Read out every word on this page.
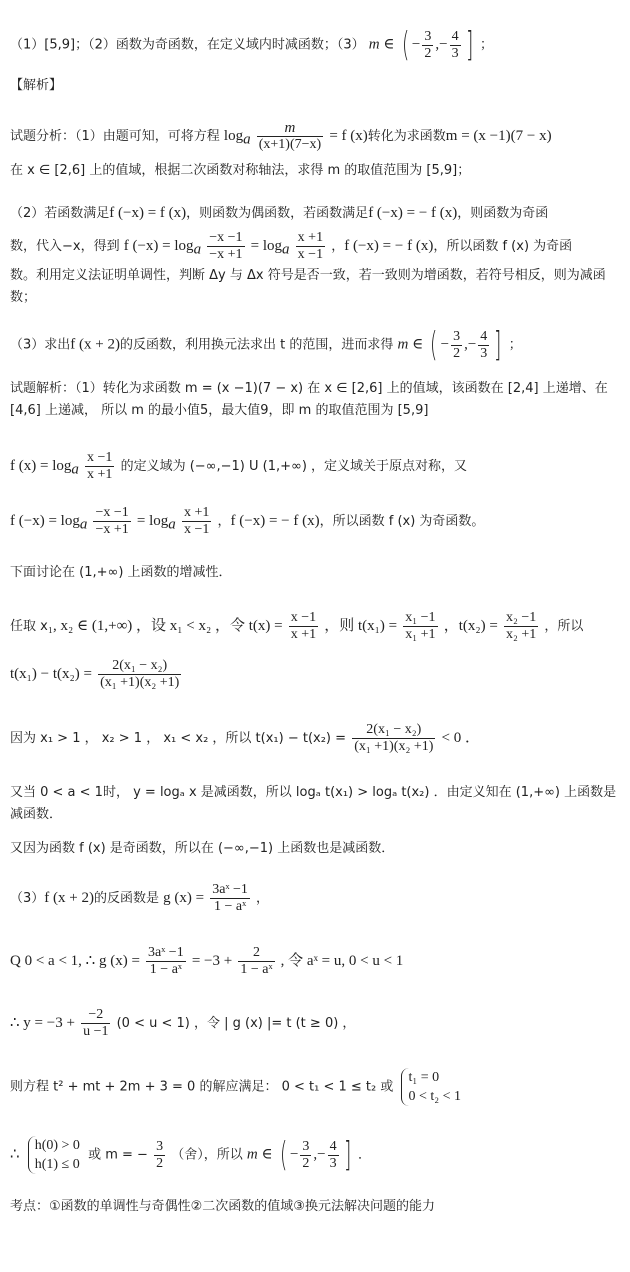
（1）[5,9]；（2）函数为奇函数，在定义域内时减函数；（3） m ∈ ( − $\frac{3}{2}$ ,− $\frac{4}{3}$ ] ；
【解析】
试题分析：（1）由题可知，可将方程 $\log_a \frac{m}{(x+1)(7-x)} = f$ (x)转化为求函数m = (x −1)(7 − x)
在 x ∈ [2,6] 上的值域，根据二次函数对称轴法，求得 m 的取值范围为 [5,9]；
（2）若函数满足f (−x) = f (x)，则函数为偶函数，若函数满足f (−x) = − f (x)，则函数为奇函
数，代入−x，得到 f $(-x) = \log_a \frac{-x -1}{-x +1} = \log_a \frac{x +1}{x -1}$ ，f (−x) = − f (x)，所以函数 f (x) 为奇函
数。利用定义法证明单调性，判断 Δy 与 Δx 符号是否一致，若一致则为增函数，若符号相反，则为减函数；
（3）求出f (x + 2)的反函数，利用换元法求出 t 的范围，进而求得 m ∈ ( − $\frac{3}{2}$ ,− $\frac{4}{3}$ ] ；
试题解析：（1）转化为求函数 m = (x −1)(7 − x) 在 x ∈ [2,6] 上的值域，该函数在 [2,4] 上递增、在 [4,6] 上递减， 所以 m 的最小值5，最大值9，即 m 的取值范围为 [5,9]
f $(x) = \log_a \frac{x -1}{x +1}$ 的定义域为 (−∞,−1) U (1,+∞) ，定义域关于原点对称，又
f $(-x) = \log_a \frac{-x -1}{-x +1} = \log_a \frac{x +1}{x -1}$ ，f (−x) = − f (x)，所以函数 f (x) 为奇函数。
下面讨论在 (1,+∞) 上函数的增减性．
任取 x₁, x₂ ∈ (1,+∞) ，设 x₁ < x₂ ，令 $t(x) = \frac{x -1}{x +1}$ ，则 $t(x_1) = \frac{\text{x₁ −1}}{\text{x₁ +1}}$ ，$t(x_2) = \frac{\text{x₂ −1}}{\text{x₂ +1}}$ ，所以
$t(x_1) - t(x_2) = \frac{\text{2(x₁ − x₂)}}{\text{(x₁ +1)(x₂ +1)}}$
因为 x₁ > 1 ， x₂ > 1 ， x₁ < x₂ ，所以 $t(x_1) - t(x_2) = \frac{\text{2(x₁ − x₂)}}{\text{(x₁ +1)(x₂ +1)}} < 0$ ．
又当 0 < a < 1时， y = logₐ x 是减函数，所以 logₐ t(x₁) > logₐ t(x₂) ．由定义知在 (1,+∞) 上函数是减函数．
又因为函数 f (x) 是奇函数，所以在 (−∞,−1) 上函数也是减函数．
（3）f (x + 2)的反函数是 g $(x) = \frac{\text{3aˣ −1}}{\text{1 − aˣ}}$ ，
Q 0 < a < 1, ∴ g $(x) = \frac{\text{3aˣ −1}}{\text{1 − aˣ}} = -3 + \frac{2}{\text{1 − aˣ}}$ , 令 aˣ = u, 0 < u < 1
∴ $y = -3 + \frac{-2}{u -1} (0 < u < 1)$ ，令 | g (x) |= t (t ≥ 0) ，
则方程 t² + mt + 2m + 3 = 0 的解应满足： 0 < t₁ < 1 ≤ t₂ 或
t₁ = 0
0 < t₂ < 1
∴
h(0) > 0
h(1) ≤ 0
或 m = − $\frac{3}{2}$ （舍），所以 m ∈ ( − $\frac{3}{2}$ ,− $\frac{4}{3}$ ] ．
考点：①函数的单调性与奇偶性②二次函数的值域③换元法解决问题的能力
